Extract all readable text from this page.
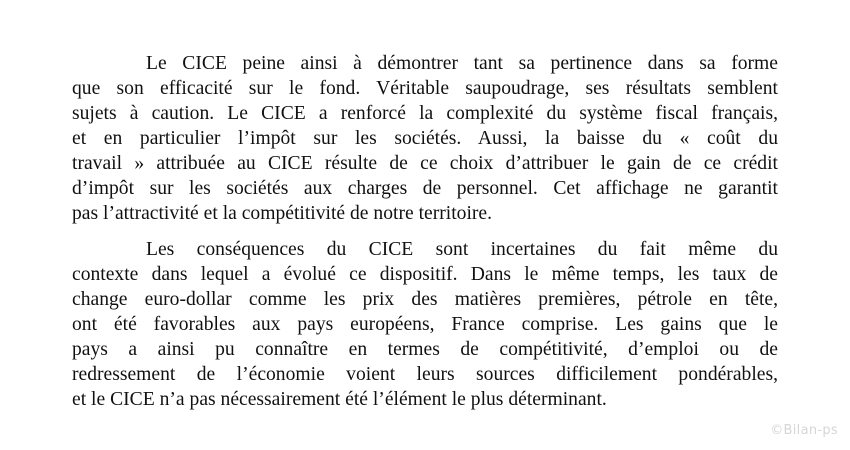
Le CICE peine ainsi à démontrer tant sa pertinence dans sa forme
que son efficacité sur le fond. Véritable saupoudrage, ses résultats semblent
sujets à caution. Le CICE a renforcé la complexité du système fiscal français,
et en particulier l’impôt sur les sociétés. Aussi, la baisse du « coût du
travail » attribuée au CICE résulte de ce choix d’attribuer le gain de ce crédit
d’impôt sur les sociétés aux charges de personnel. Cet affichage ne garantit
pas l’attractivité et la compétitivité de notre territoire.
Les conséquences du CICE sont incertaines du fait même du
contexte dans lequel a évolué ce dispositif. Dans le même temps, les taux de
change euro-dollar comme les prix des matières premières, pétrole en tête,
ont été favorables aux pays européens, France comprise. Les gains que le
pays a ainsi pu connaître en termes de compétitivité, d’emploi ou de
redressement de l’économie voient leurs sources difficilement pondérables,
et le CICE n’a pas nécessairement été l’élément le plus déterminant.
©Bilan-ps
